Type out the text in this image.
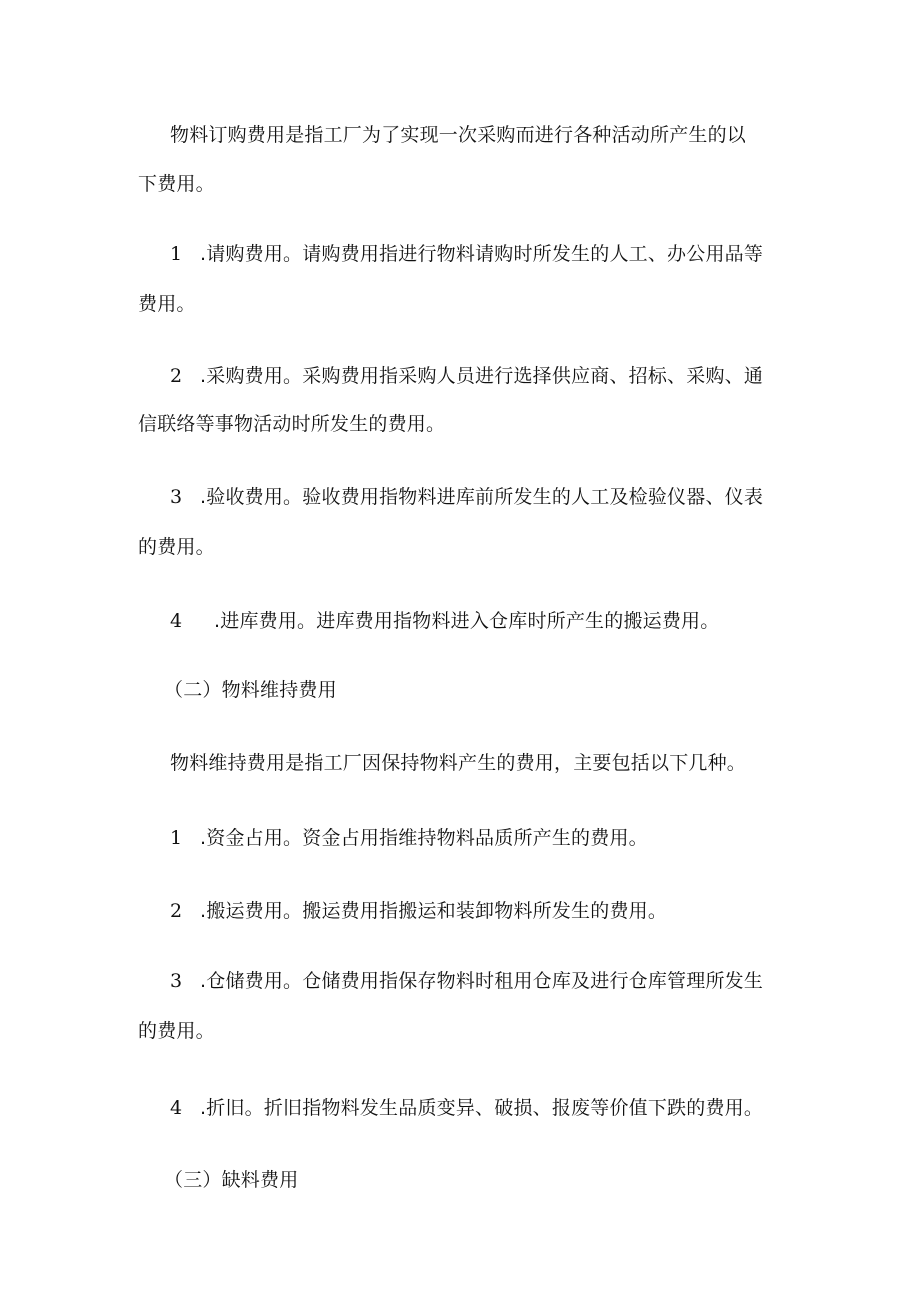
物料订购费用是指工厂为了实现一次采购而进行各种活动所产生的以
下费用。
1 .请购费用。请购费用指进行物料请购时所发生的人工、办公用品等
费用。
2 .采购费用。采购费用指采购人员进行选择供应商、招标、采购、通
信联络等事物活动时所发生的费用。
3 .验收费用。验收费用指物料进库前所发生的人工及检验仪器、仪表
的费用。
4 .进库费用。进库费用指物料进入仓库时所产生的搬运费用。
（二）物料维持费用
物料维持费用是指工厂因保持物料产生的费用，主要包括以下几种。
1 .资金占用。资金占用指维持物料品质所产生的费用。
2 .搬运费用。搬运费用指搬运和装卸物料所发生的费用。
3 .仓储费用。仓储费用指保存物料时租用仓库及进行仓库管理所发生
的费用。
4 .折旧。折旧指物料发生品质变异、破损、报废等价值下跌的费用。
（三）缺料费用
